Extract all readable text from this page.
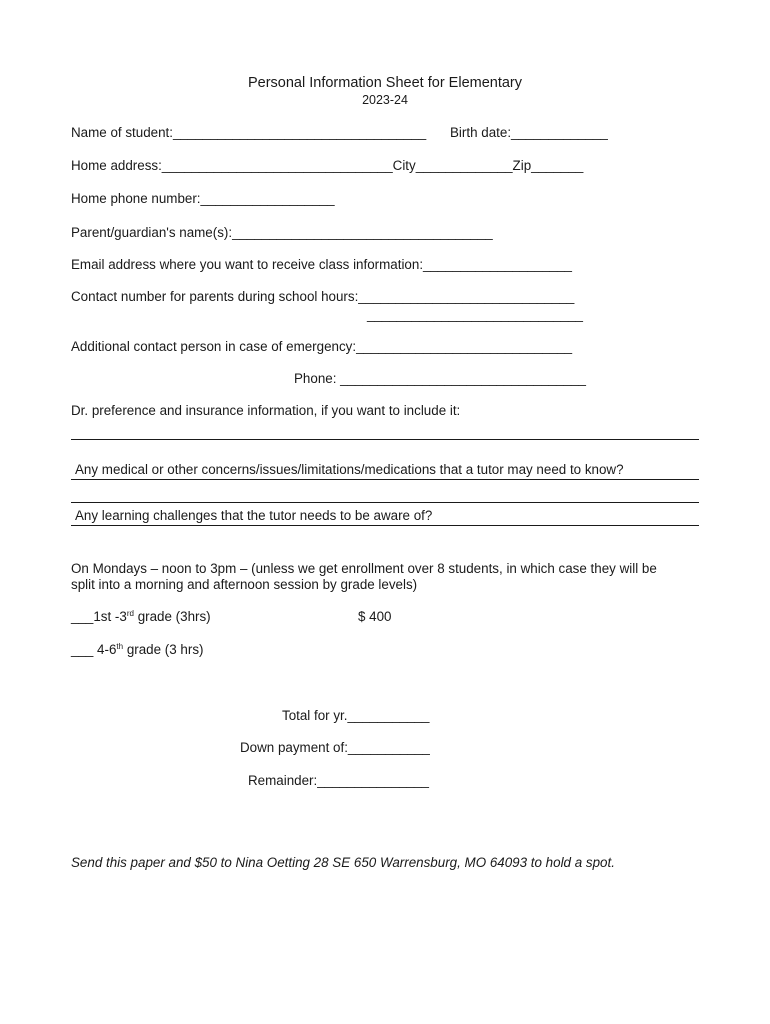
Personal Information Sheet for Elementary
2023-24
Name of student:__________________________________ Birth date:_____________
Home address:_______________________________City_____________Zip_______
Home phone number:__________________
Parent/guardian's name(s):___________________________________
Email address where you want to receive class information:____________________
Contact number for parents during school hours:_____________________________
_____________________________
Additional contact person in case of emergency:_____________________________
Phone: _________________________________
Dr. preference and insurance information, if you want to include it:
Any medical or other concerns/issues/limitations/medications that a tutor may need to know?
Any learning challenges that the tutor needs to be aware of?
On Mondays – noon to 3pm – (unless we get enrollment over 8 students, in which case they will be
split into a morning and afternoon session by grade levels)
___1st -3rd grade (3hrs)	$ 400
___ 4-6th grade (3 hrs)
Total for yr.___________
Down payment of:___________
Remainder:_______________
Send this paper and $50 to Nina Oetting 28 SE 650 Warrensburg, MO 64093 to hold a spot.
